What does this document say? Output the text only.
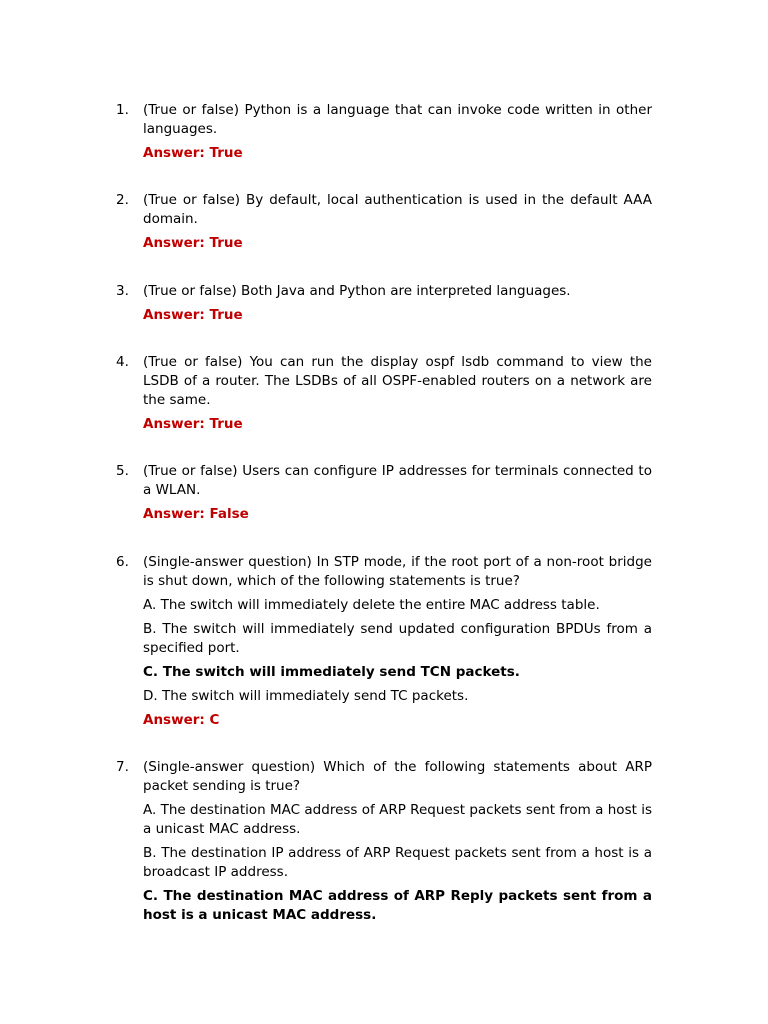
1.	(True or false) Python is a language that can invoke code written in other languages.

Answer: True

2.	(True or false) By default, local authentication is used in the default AAA domain.

Answer: True

3.	(True or false) Both Java and Python are interpreted languages.

Answer: True

4.	(True or false) You can run the display ospf lsdb command to view the LSDB of a router. The LSDBs of all OSPF-enabled routers on a network are the same.

Answer: True

5.	(True or false) Users can configure IP addresses for terminals connected to a WLAN.

Answer: False

6.	(Single-answer question) In STP mode, if the root port of a non-root bridge is shut down, which of the following statements is true?

A. The switch will immediately delete the entire MAC address table.

B. The switch will immediately send updated configuration BPDUs from a specified port.

C. The switch will immediately send TCN packets.

D. The switch will immediately send TC packets.

Answer: C

7.	(Single-answer question) Which of the following statements about ARP packet sending is true?

A. The destination MAC address of ARP Request packets sent from a host is a unicast MAC address.

B. The destination IP address of ARP Request packets sent from a host is a broadcast IP address.

C. The destination MAC address of ARP Reply packets sent from a host is a unicast MAC address.
